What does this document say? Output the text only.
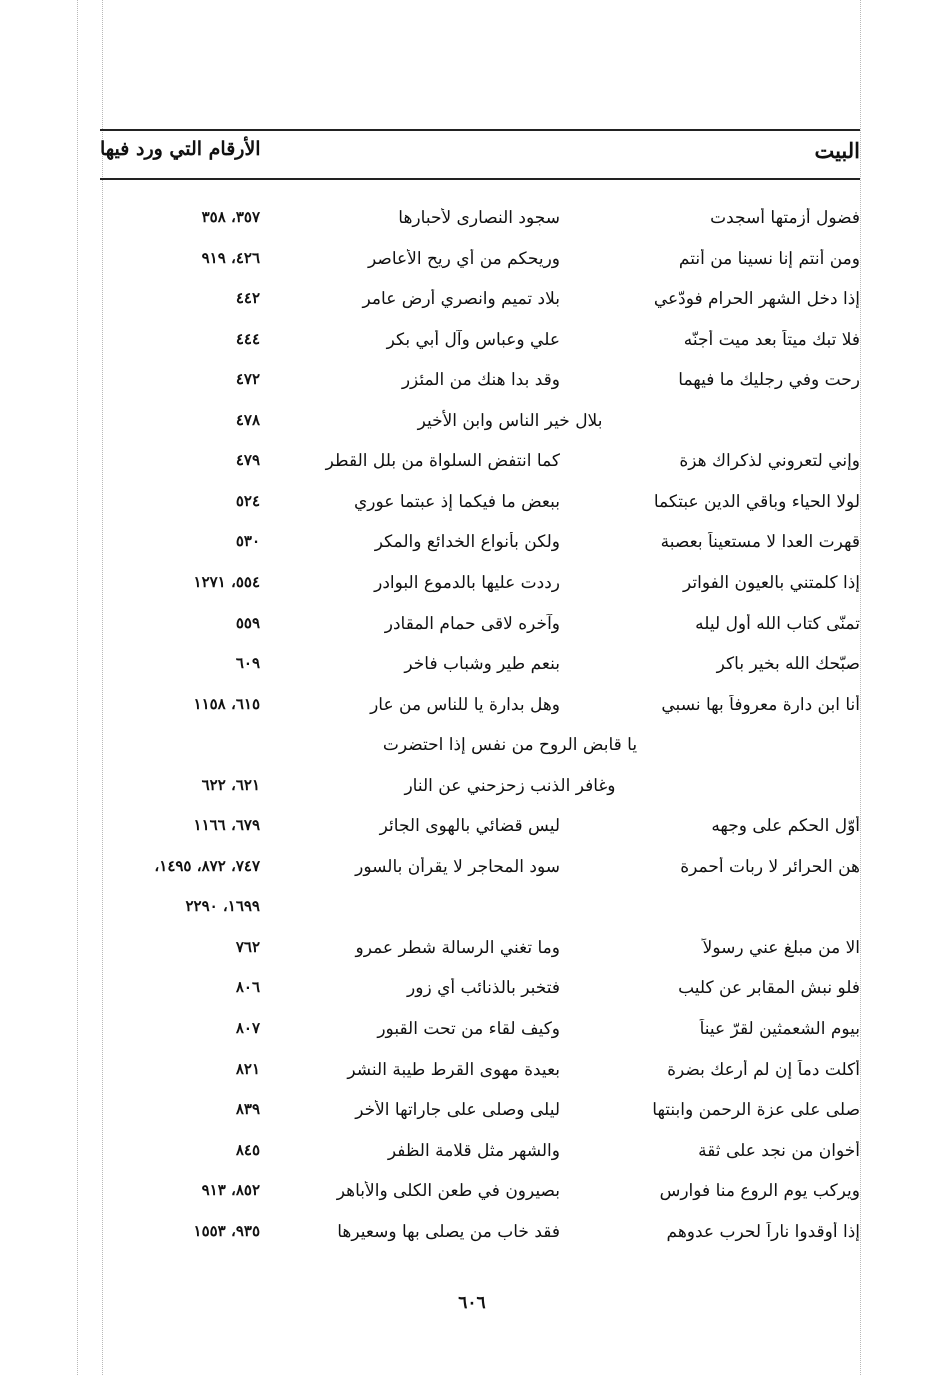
البيت
الأرقام التي ورد فيها
فضول أزمتها أسجدت
سجود النصارى لأحبارها
٣٥٧، ٣٥٨
ومن أنتم إنا نسينا من أنتم
وريحكم من أي ريح الأعاصر
٤٢٦، ٩١٩
إذا دخل الشهر الحرام فودّعي
بلاد تميم وانصري أرض عامر
٤٤٢
فلا تبك ميتاً بعد ميت أجنّه
علي وعباس وآل أبي بكر
٤٤٤
رحت وفي رجليك ما فيهما
وقد بدا هنك من المئزر
٤٧٢
بلال خير الناس وابن الأخير
٤٧٨
وإني لتعروني لذكراك هزة
كما انتفض السلواة من بلل القطر
٤٧٩
لولا الحياء وباقي الدين عبتكما
ببعض ما فيكما إذ عبتما عوري
٥٢٤
قهرت العدا لا مستعيناً بعصبة
ولكن بأنواع الخدائع والمكر
٥٣٠
إذا كلمتني بالعيون الفواتر
رددت عليها بالدموع البوادر
٥٥٤، ١٢٧١
تمنّى كتاب الله أول ليله
وآخره لاقى حمام المقادر
٥٥٩
صبّحك الله بخير باكر
بنعم طير وشباب فاخر
٦٠٩
أنا ابن دارة معروفاً بها نسبي
وهل بدارة يا للناس من عار
٦١٥، ١١٥٨
يا قابض الروح من نفس إذا احتضرت
وغافر الذنب زحزحني عن النار
٦٢١، ٦٢٢
أوّل الحكم على وجهه
ليس قضائي بالهوى الجائر
٦٧٩، ١١٦٦
هن الحرائر لا ربات أحمرة
سود المحاجر لا يقرأن بالسور
٧٤٧، ٨٧٢، ١٤٩٥،
١٦٩٩، ٢٢٩٠
الا من مبلغ عني رسولاً
وما تغني الرسالة شطر عمرو
٧٦٢
فلو نبش المقابر عن كليب
فتخبر بالذنائب أي زور
٨٠٦
بيوم الشعمثين لقرّ عيناً
وكيف لقاء من تحت القبور
٨٠٧
أكلت دماً إن لم أرعك بضرة
بعيدة مهوى القرط طيبة النشر
٨٢١
صلى على عزة الرحمن وابنتها
ليلى وصلى على جاراتها الأخر
٨٣٩
أخوان من نجد على ثقة
والشهر مثل قلامة الظفر
٨٤٥
ويركب يوم الروع منا فوارس
بصيرون في طعن الكلى والأباهر
٨٥٢، ٩١٣
إذا أوقدوا ناراً لحرب عدوهم
فقد خاب من يصلى بها وسعيرها
٩٣٥، ١٥٥٣
٦٠٦
